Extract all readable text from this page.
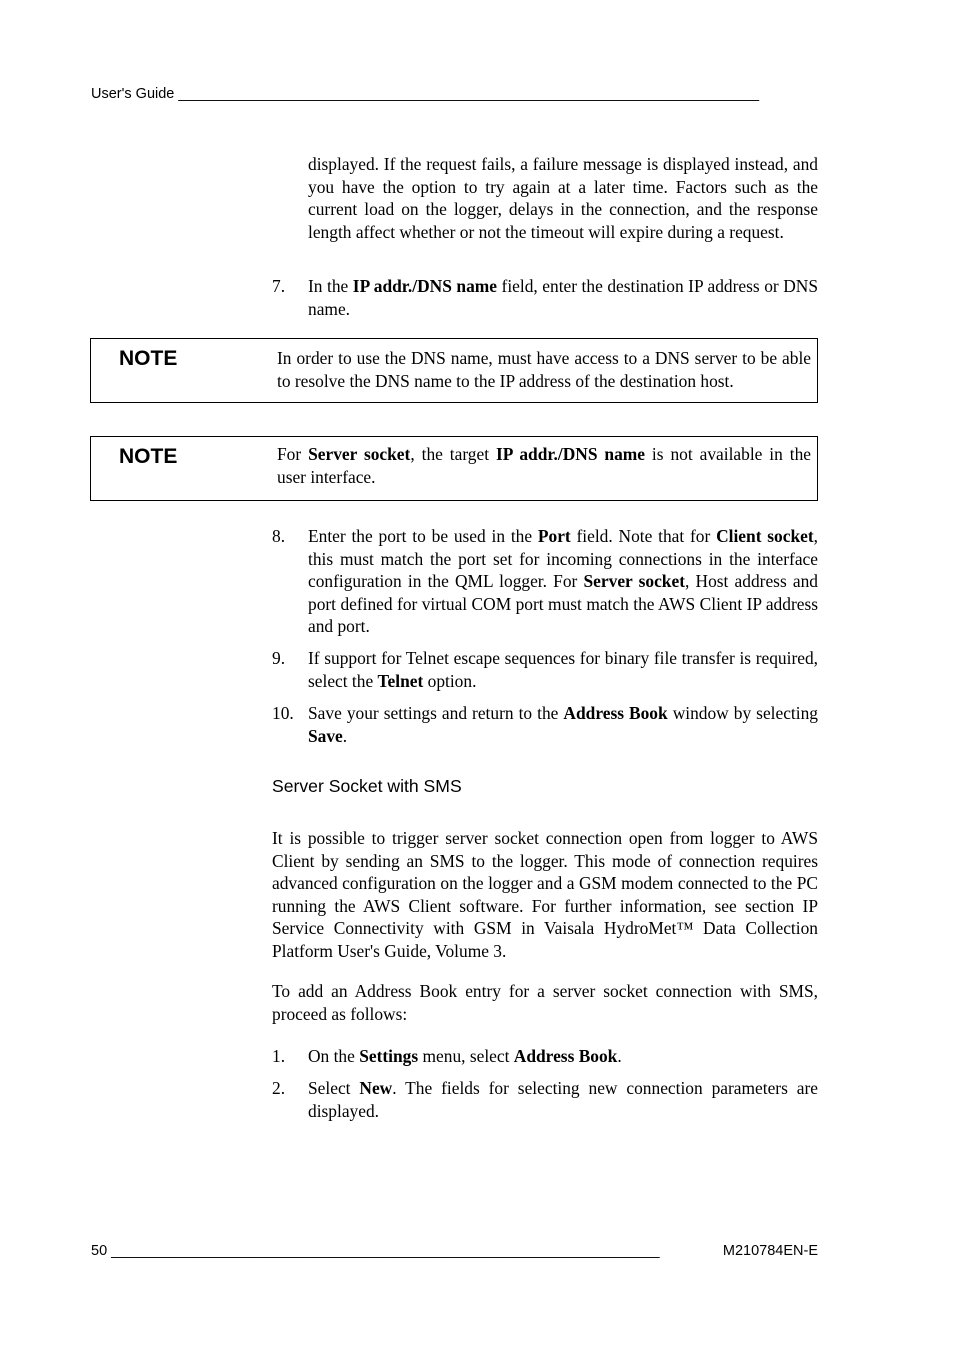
User's Guide ________________________________________________________________________
displayed. If the request fails, a failure message is displayed instead, and you have the option to try again at a later time. Factors such as the current load on the logger, delays in the connection, and the response length affect whether or not the timeout will expire during a request.
7.	In the IP addr./DNS name field, enter the destination IP address or DNS name.
NOTE	In order to use the DNS name, must have access to a DNS server to be able to resolve the DNS name to the IP address of the destination host.
NOTE	For Server socket, the target IP addr./DNS name is not available in the user interface.
8.	Enter the port to be used in the Port field. Note that for Client socket, this must match the port set for incoming connections in the interface configuration in the QML logger. For Server socket, Host address and port defined for virtual COM port must match the AWS Client IP address and port.
9.	If support for Telnet escape sequences for binary file transfer is required, select the Telnet option.
10. Save your settings and return to the Address Book window by selecting Save.
Server Socket with SMS
It is possible to trigger server socket connection open from logger to AWS Client by sending an SMS to the logger. This mode of connection requires advanced configuration on the logger and a GSM modem connected to the PC running the AWS Client software. For further information, see section IP Service Connectivity with GSM in Vaisala HydroMet™ Data Collection Platform User's Guide, Volume 3.
To add an Address Book entry for a server socket connection with SMS, proceed as follows:
1.	On the Settings menu, select Address Book.
2.	Select New. The fields for selecting new connection parameters are displayed.
50 ____________________________________________________________________	M210784EN-E
